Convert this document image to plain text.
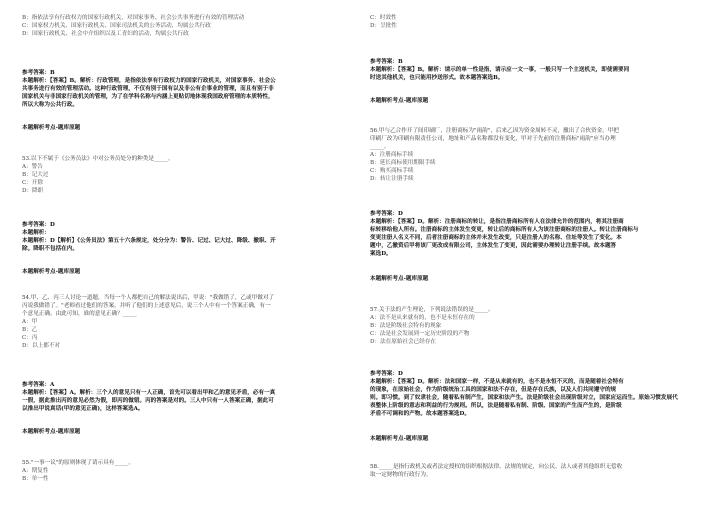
B：指依法享有行政权力的国家行政机关，对国家事务、社会公共事务进行有效的管理活动
C：国家权力机关、国家行政机关、国家司法机关的公务活动，均属公共行政
D：国家行政机关、社会中介组织以及工青妇的活动，均属公共行政
参考答案：B
本题解析：【答案】B。解析：行政管理，是指依法享有行政权力的国家行政机关，对国家事务、社会公
共事务进行有效的管理活动。这种行政管理，不仅有别于国有以及非公有企事业的管理，而且有别于非
国家机关与非国家行政机关的管理，为了在学科名称与内涵上更贴切地体现我国政府管理的本质特性，
所以大称为公共行政。
本题解析考点-题库原题
53.以下不属于《公务员法》中对公务员处分的种类是_____。
A：警告
B：记大过
C：开除
D：降职
参考答案：D
本题解析：
本题解析：D【解析】《公务员法》第五十六条规定，处分分为：警告、记过、记大过、降级、撤职、开
除。降职不包括在内。
本题解析考点-题库原题
54.甲、乙、丙三人讨论一道题，当每一个人都把自己的解法说出后，甲说："我做错了，乙或甲做对了
丙说我做错了。"老师看过他们的答案，并听了他们的上述意见后，说三个人中有一个答案正确，有一
个意见正确。由此可知，谁的意见正确？_____
A：甲
B：乙
C：丙
D：以上都不对
参考答案：A
本题解析：【答案】A。解析：三个人的意见只有一人正确，首先可以看出甲和乙的意见矛盾，必有一真
一假，据此推出丙的意见必然为假，即丙的做错。丙的答案是对的。三人中只有一人答案正确，据此可
以推出甲说真话(甲的意见正确)，这样答案选A。
本题解析考点-题库原题
55."一事一议"的原则体现了请示具有_____。
A：期复性
B：单一性
C：时效性
D：呈批性
参考答案：B
本题解析：【答案】B。解析：请示的单一性是指，请示应一文一事，一般只写一个主送机关，即使需要同
时送其他机关，也只能用抄送形式。故本题答案选B。
本题解析考点-题库原题
56.甲与乙合作开了间印刷厂，注册商标为"雨韵"，后来乙因为资金周转不灵，撤出了合伙资金。甲把
印刷厂改为印刷有限责任公司，地址和产品名称都没有变化，甲对于先前的注册商标"雨韵"应当办理
_____。
A：注册商标手续
B：延长商标使用期限手续
C：购买商标手续
D：转让注册手续
参考答案：D
本题解析：【答案】D。解析：注册商标的转让，是指注册商标所有人在法律允许的范围内，将其注册商
标转移给他人所有。注册商标的主体发生变更，转让后的商标所有人为该注册商标的注册人。转让注册商标与
变更注册人名义不同，后者注册商标的主体并未发生改变，只是注册人的名称、住址等发生了变化。本
题中，乙撤资后甲将该厂更改成有限公司，主体发生了变更，因此需要办理转让注册手续。故本题答
案选D。
本题解析考点-题库原题
57.关于法的产生理论，下列说法错误的是_____。
A：法不是从来就有的，也不是永恒存在的
B：法是阶级社会特有的现象
C：法是社会发展到一定历史阶段的产物
D：法在原始社会已经存在
参考答案：D
本题解析：【答案】D。解析：法和国家一样，不是从来就有的，也不是永恒不灭的，而是随着社会特有
的现象，在原始社会，作为阶级统治工具的国家和法不存在，但是存在氏族，以及人们共同遵守的规
则。即习惯。到了奴隶社会，随着私有制产生，国家和法产生。法是阶级社会出现阶级对立，国家应运而生。原始习惯发展代
表整体上阶级的意志和利益的行为规则。所以，法是随着私有制、阶级、国家的产生而产生的，是阶级
矛盾不可调和的产物。故本题答案选D。
本题解析考点-题库原题
58._____是指行政机关或者法定授权的组织根据法律、法规的规定，向公民、法人或者其他组织无偿收
取一定财物的行政行为。
